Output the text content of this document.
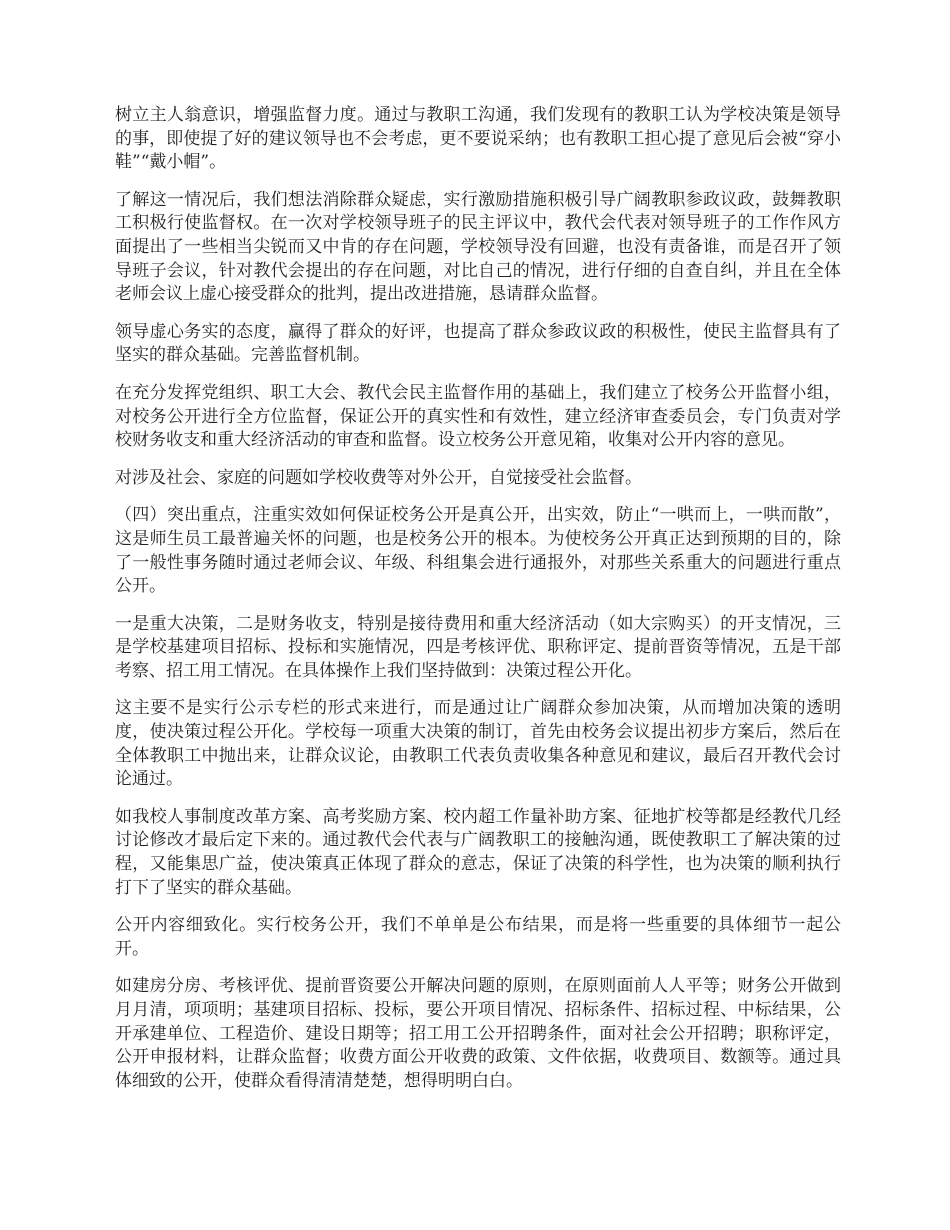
树立主人翁意识，增强监督力度。通过与教职工沟通，我们发现有的教职工认为学校决策是领导的事，即使提了好的建议领导也不会考虑，更不要说采纳；也有教职工担心提了意见后会被“穿小鞋”“戴小帽”。

了解这一情况后，我们想法消除群众疑虑，实行激励措施积极引导广阔教职参政议政，鼓舞教职工积极行使监督权。在一次对学校领导班子的民主评议中，教代会代表对领导班子的工作作风方面提出了一些相当尖锐而又中肯的存在问题，学校领导没有回避，也没有责备谁，而是召开了领导班子会议，针对教代会提出的存在问题，对比自己的情况，进行仔细的自查自纠，并且在全体老师会议上虚心接受群众的批判，提出改进措施，恳请群众监督。

领导虚心务实的态度，赢得了群众的好评，也提高了群众参政议政的积极性，使民主监督具有了坚实的群众基础。完善监督机制。

在充分发挥党组织、职工大会、教代会民主监督作用的基础上，我们建立了校务公开监督小组，对校务公开进行全方位监督，保证公开的真实性和有效性，建立经济审查委员会，专门负责对学校财务收支和重大经济活动的审查和监督。设立校务公开意见箱，收集对公开内容的意见。

对涉及社会、家庭的问题如学校收费等对外公开，自觉接受社会监督。

（四）突出重点，注重实效如何保证校务公开是真公开，出实效，防止“一哄而上，一哄而散”，这是师生员工最普遍关怀的问题，也是校务公开的根本。为使校务公开真正达到预期的目的，除了一般性事务随时通过老师会议、年级、科组集会进行通报外，对那些关系重大的问题进行重点公开。

一是重大决策，二是财务收支，特别是接待费用和重大经济活动（如大宗购买）的开支情况，三是学校基建项目招标、投标和实施情况，四是考核评优、职称评定、提前晋资等情况，五是干部考察、招工用工情况。在具体操作上我们坚持做到：决策过程公开化。

这主要不是实行公示专栏的形式来进行，而是通过让广阔群众参加决策，从而增加决策的透明度，使决策过程公开化。学校每一项重大决策的制订，首先由校务会议提出初步方案后，然后在全体教职工中抛出来，让群众议论，由教职工代表负责收集各种意见和建议，最后召开教代会讨论通过。

如我校人事制度改革方案、高考奖励方案、校内超工作量补助方案、征地扩校等都是经教代几经讨论修改才最后定下来的。通过教代会代表与广阔教职工的接触沟通，既使教职工了解决策的过程，又能集思广益，使决策真正体现了群众的意志，保证了决策的科学性，也为决策的顺利执行打下了坚实的群众基础。

公开内容细致化。实行校务公开，我们不单单是公布结果，而是将一些重要的具体细节一起公开。

如建房分房、考核评优、提前晋资要公开解决问题的原则，在原则面前人人平等；财务公开做到月月清，项项明；基建项目招标、投标，要公开项目情况、招标条件、招标过程、中标结果，公开承建单位、工程造价、建设日期等；招工用工公开招聘条件，面对社会公开招聘；职称评定，公开申报材料，让群众监督；收费方面公开收费的政策、文件依据，收费项目、数额等。通过具体细致的公开，使群众看得清清楚楚，想得明明白白。
